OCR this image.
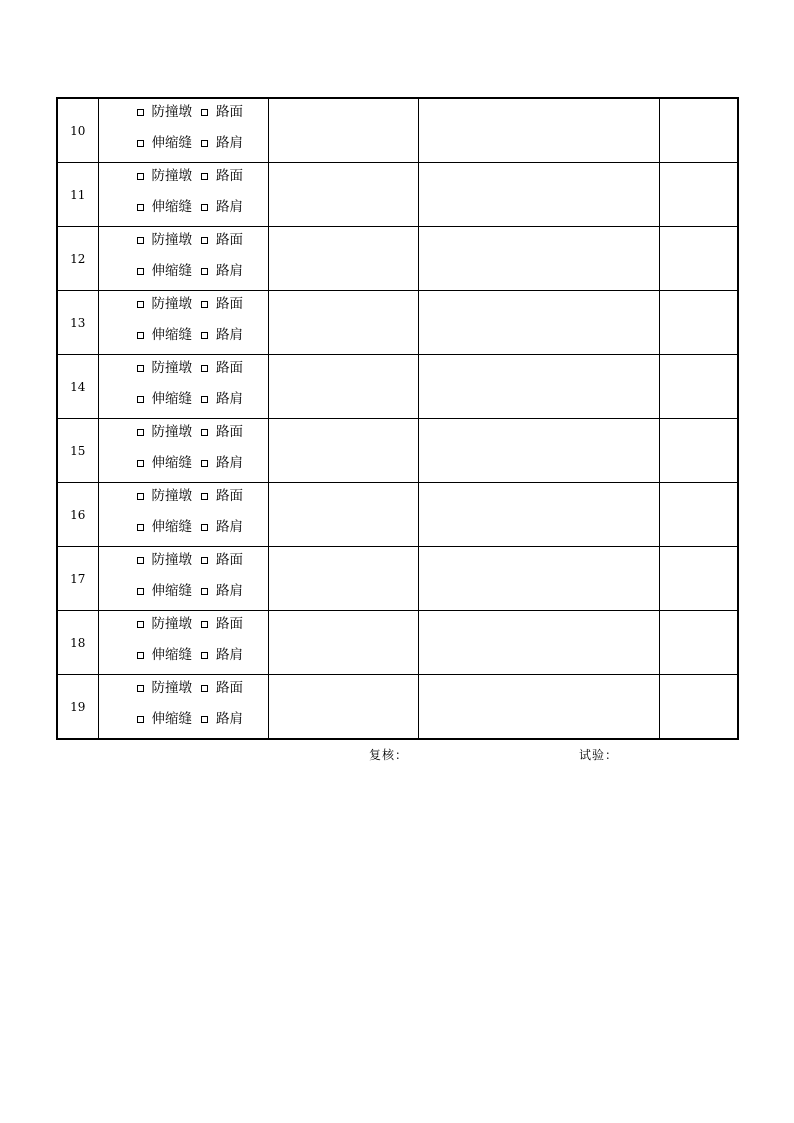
10	防撞墩 路面
伸缩缝 路肩			

11	防撞墩 路面
伸缩缝 路肩			

12	防撞墩 路面
伸缩缝 路肩			

13	防撞墩 路面
伸缩缝 路肩			

14	防撞墩 路面
伸缩缝 路肩			

15	防撞墩 路面
伸缩缝 路肩			

16	防撞墩 路面
伸缩缝 路肩			

17	防撞墩 路面
伸缩缝 路肩			

18	防撞墩 路面
伸缩缝 路肩			

19	防撞墩 路面
伸缩缝 路肩			

复核：	试验：
